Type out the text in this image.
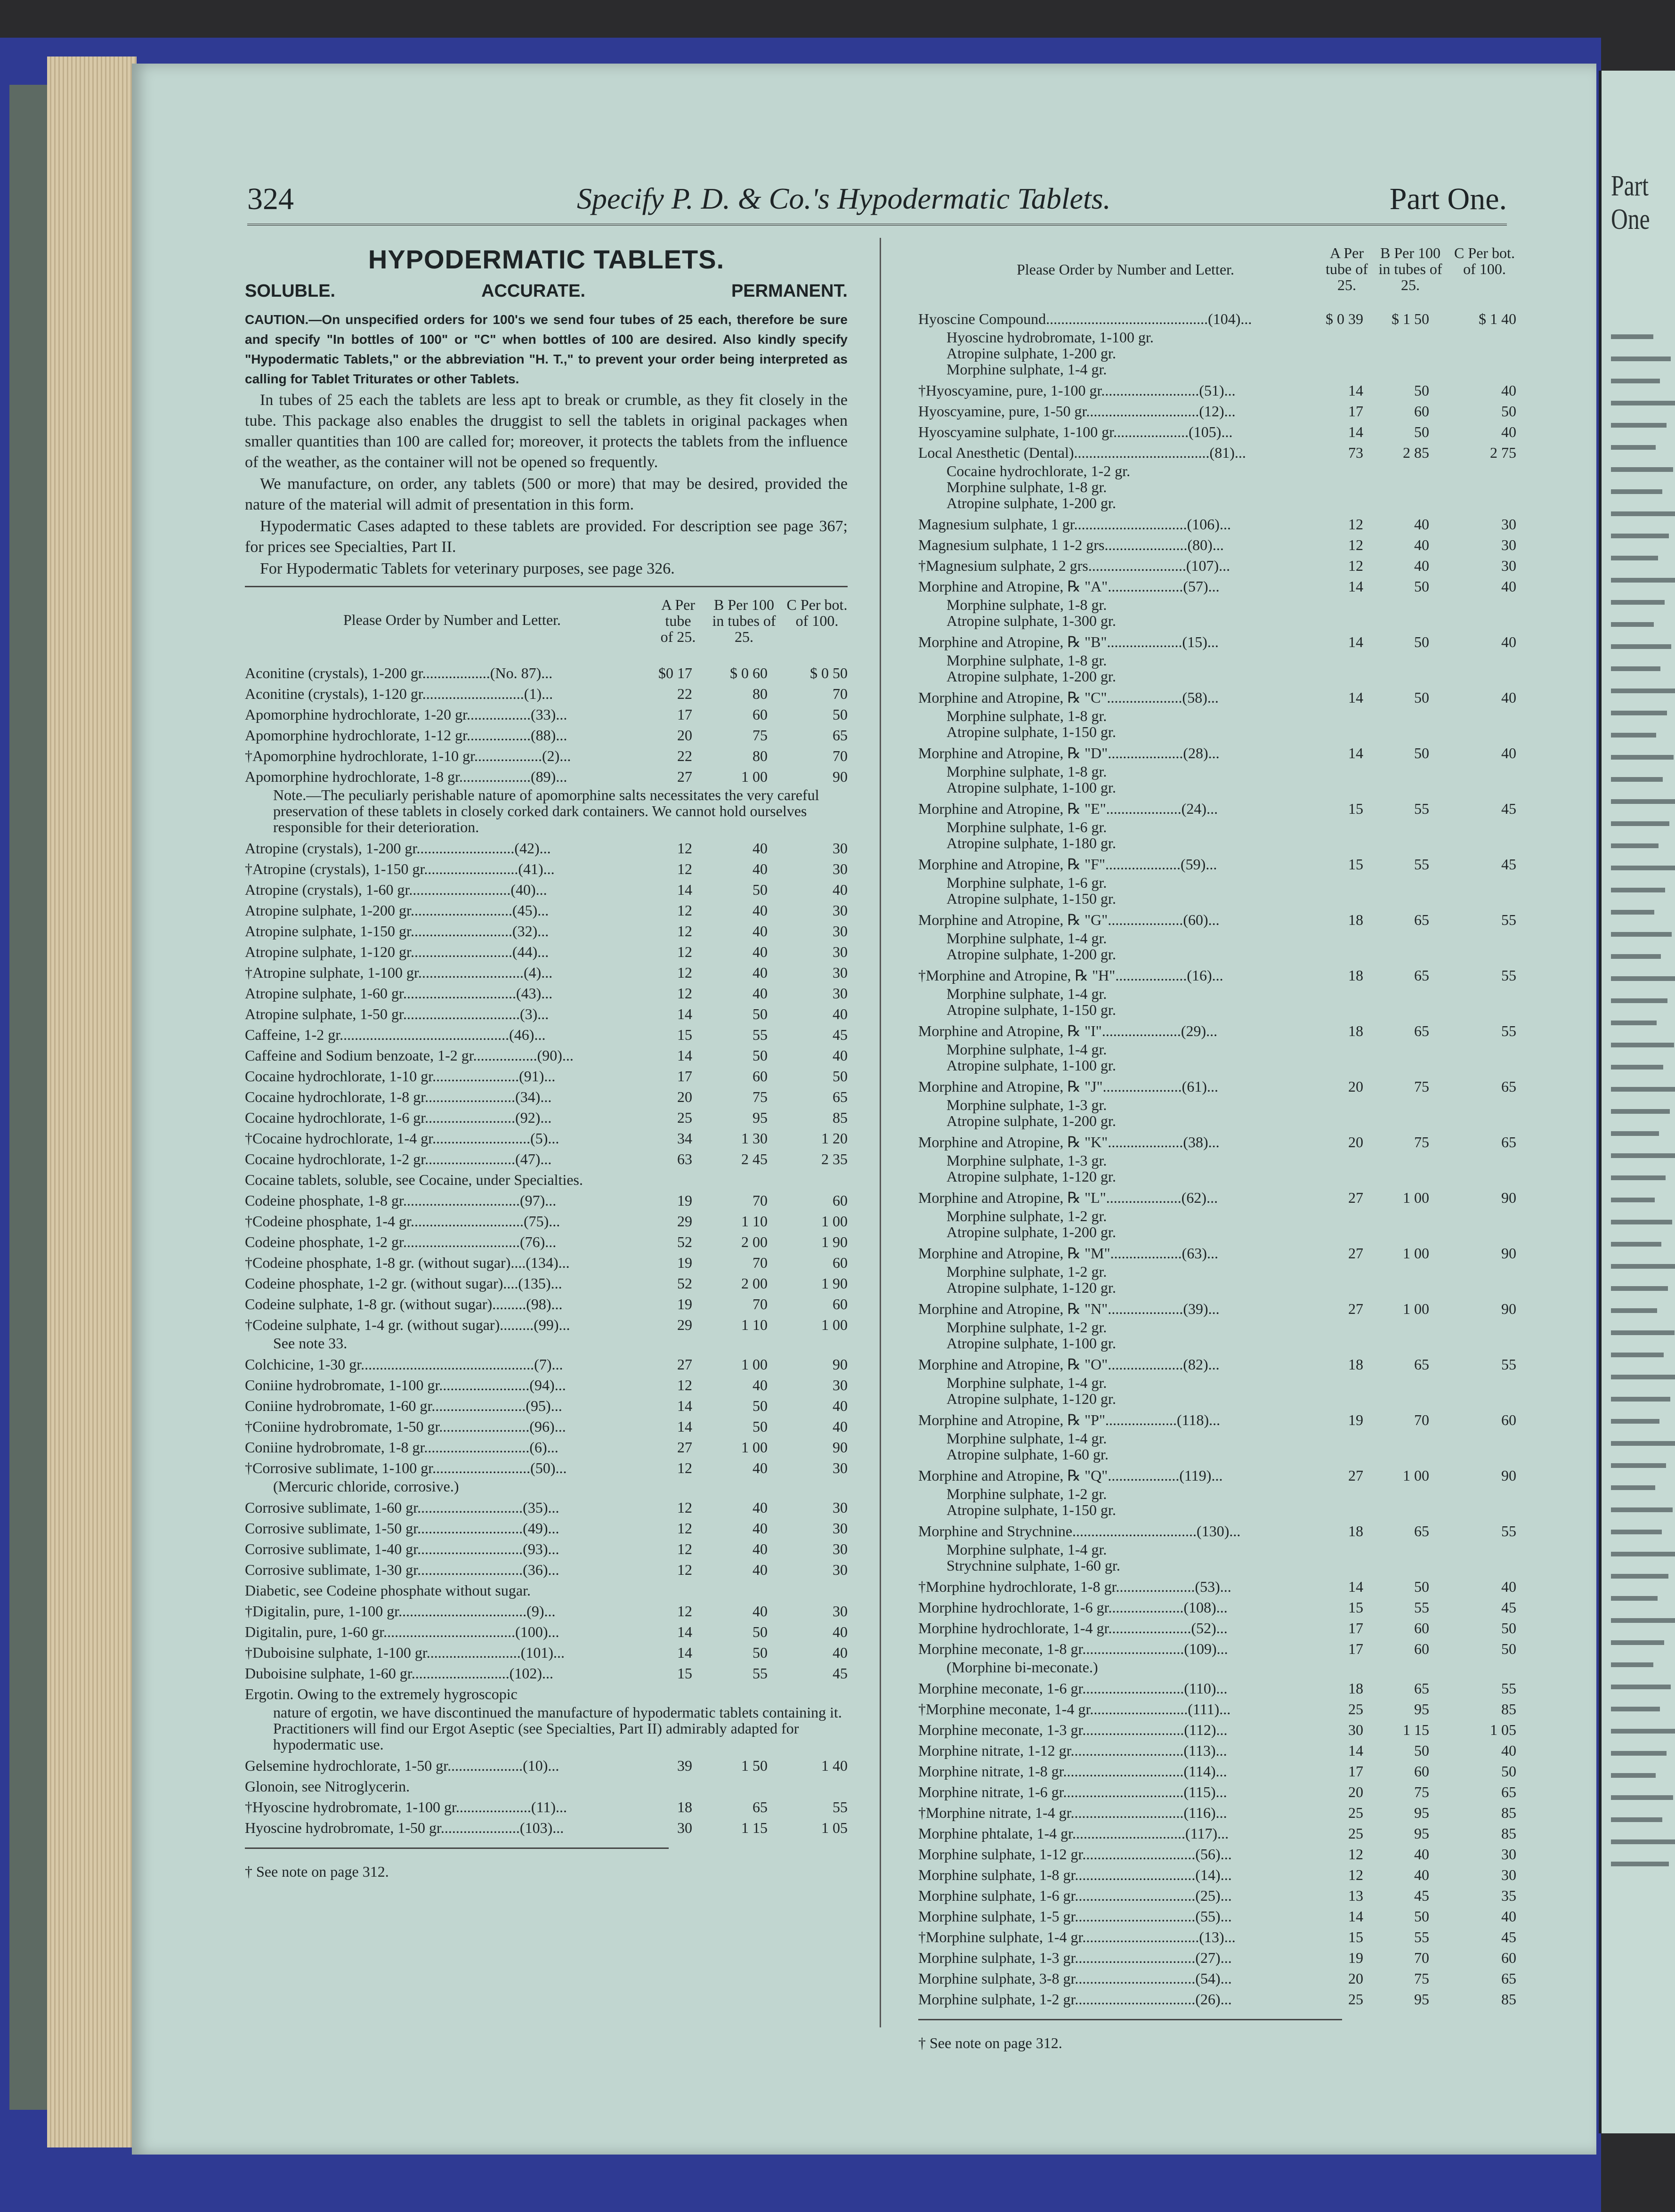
Part One
324	Specify P. D. & Co.'s Hypodermatic Tablets.	Part One.
HYPODERMATIC TABLETS.
SOLUBLE.	ACCURATE.	PERMANENT.
CAUTION.—On unspecified orders for 100's we send four tubes of 25 each, therefore be sure and specify "In bottles of 100" or "C" when bottles of 100 are desired. Also kindly specify "Hypodermatic Tablets," or the abbreviation "H. T.," to prevent your order being interpreted as calling for Tablet Triturates or other Tablets.
In tubes of 25 each the tablets are less apt to break or crumble, as they fit closely in the tube. This package also enables the druggist to sell the tablets in original packages when smaller quantities than 100 are called for; moreover, it protects the tablets from the influence of the weather, as the container will not be opened so frequently.
We manufacture, on order, any tablets (500 or more) that may be desired, provided the nature of the material will admit of presentation in this form.
Hypodermatic Cases adapted to these tablets are provided. For description see page 367; for prices see Specialties, Part II.
For Hypodermatic Tablets for veterinary purposes, see page 326.
Please Order by Number and Letter.
A Per tube of 25.
B Per 100 in tubes of 25.
C Per bot. of 100.
Aconitine (crystals), 1-200 gr..................(No. 87)...	$0 17	$ 0 60	$ 0 50
Aconitine (crystals), 1-120 gr...........................(1)...	22	80	70
Apomorphine hydrochlorate, 1-20 gr.................(33)...	17	60	50
Apomorphine hydrochlorate, 1-12 gr.................(88)...	20	75	65
†Apomorphine hydrochlorate, 1-10 gr..................(2)...	22	80	70
Apomorphine hydrochlorate, 1-8 gr...................(89)...	27	1 00	90
Note.—The peculiarly perishable nature of apomorphine salts necessitates the very careful preservation of these tablets in closely corked dark containers. We cannot hold ourselves responsible for their deterioration.
Atropine (crystals), 1-200 gr..........................(42)...	12	40	30
†Atropine (crystals), 1-150 gr.........................(41)...	12	40	30
Atropine (crystals), 1-60 gr...........................(40)...	14	50	40
Atropine sulphate, 1-200 gr...........................(45)...	12	40	30
Atropine sulphate, 1-150 gr...........................(32)...	12	40	30
Atropine sulphate, 1-120 gr...........................(44)...	12	40	30
†Atropine sulphate, 1-100 gr............................(4)...	12	40	30
Atropine sulphate, 1-60 gr..............................(43)...	12	40	30
Atropine sulphate, 1-50 gr...............................(3)...	14	50	40
Caffeine, 1-2 gr.............................................(46)...	15	55	45
Caffeine and Sodium benzoate, 1-2 gr.................(90)...	14	50	40
Cocaine hydrochlorate, 1-10 gr.......................(91)...	17	60	50
Cocaine hydrochlorate, 1-8 gr........................(34)...	20	75	65
Cocaine hydrochlorate, 1-6 gr........................(92)...	25	95	85
†Cocaine hydrochlorate, 1-4 gr..........................(5)...	34	1 30	1 20
Cocaine hydrochlorate, 1-2 gr........................(47)...	63	2 45	2 35
Cocaine tablets, soluble, see Cocaine, under Specialties.
Codeine phosphate, 1-8 gr...............................(97)...	19	70	60
†Codeine phosphate, 1-4 gr..............................(75)...	29	1 10	1 00
Codeine phosphate, 1-2 gr...............................(76)...	52	2 00	1 90
†Codeine phosphate, 1-8 gr. (without sugar)....(134)...	19	70	60
Codeine phosphate, 1-2 gr. (without sugar)....(135)...	52	2 00	1 90
Codeine sulphate, 1-8 gr. (without sugar).........(98)...	19	70	60
†Codeine sulphate, 1-4 gr. (without sugar).........(99)...	29	1 10	1 00
See note 33.
Colchicine, 1-30 gr..............................................(7)...	27	1 00	90
Coniine hydrobromate, 1-100 gr........................(94)...	12	40	30
Coniine hydrobromate, 1-60 gr.........................(95)...	14	50	40
†Coniine hydrobromate, 1-50 gr........................(96)...	14	50	40
Coniine hydrobromate, 1-8 gr............................(6)...	27	1 00	90
†Corrosive sublimate, 1-100 gr..........................(50)...	12	40	30
(Mercuric chloride, corrosive.)
Corrosive sublimate, 1-60 gr............................(35)...	12	40	30
Corrosive sublimate, 1-50 gr............................(49)...	12	40	30
Corrosive sublimate, 1-40 gr............................(93)...	12	40	30
Corrosive sublimate, 1-30 gr............................(36)...	12	40	30
Diabetic, see Codeine phosphate without sugar.
†Digitalin, pure, 1-100 gr..................................(9)...	12	40	30
Digitalin, pure, 1-60 gr...................................(100)...	14	50	40
†Duboisine sulphate, 1-100 gr.........................(101)...	14	50	40
Duboisine sulphate, 1-60 gr..........................(102)...	15	55	45
Ergotin. Owing to the extremely hygroscopic
nature of ergotin, we have discontinued the manufacture of hypodermatic tablets containing it. Practitioners will find our Ergot Aseptic (see Specialties, Part II) admirably adapted for hypodermatic use.
Gelsemine hydrochlorate, 1-50 gr....................(10)...	39	1 50	1 40
Glonoin, see Nitroglycerin.
†Hyoscine hydrobromate, 1-100 gr....................(11)...	18	65	55
Hyoscine hydrobromate, 1-50 gr.....................(103)...	30	1 15	1 05
† See note on page 312.
Please Order by Number and Letter.
A Per tube of 25.
B Per 100 in tubes of 25.
C Per bot. of 100.
Hyoscine Compound...........................................(104)...	$ 0 39	$ 1 50	$ 1 40
Hyoscine hydrobromate, 1-100 gr.
Atropine sulphate, 1-200 gr.
Morphine sulphate, 1-4 gr.
†Hyoscyamine, pure, 1-100 gr..........................(51)...	14	50	40
Hyoscyamine, pure, 1-50 gr..............................(12)...	17	60	50
Hyoscyamine sulphate, 1-100 gr....................(105)...	14	50	40
Local Anesthetic (Dental)....................................(81)...	73	2 85	2 75
Cocaine hydrochlorate, 1-2 gr.
Morphine sulphate, 1-8 gr.
Atropine sulphate, 1-200 gr.
Magnesium sulphate, 1 gr..............................(106)...	12	40	30
Magnesium sulphate, 1 1-2 grs......................(80)...	12	40	30
†Magnesium sulphate, 2 grs..........................(107)...	12	40	30
Morphine and Atropine, ℞ "A"....................(57)...	14	50	40
Morphine sulphate, 1-8 gr.
Atropine sulphate, 1-300 gr.
Morphine and Atropine, ℞ "B"....................(15)...	14	50	40
Morphine sulphate, 1-8 gr.
Atropine sulphate, 1-200 gr.
Morphine and Atropine, ℞ "C"....................(58)...	14	50	40
Morphine sulphate, 1-8 gr.
Atropine sulphate, 1-150 gr.
Morphine and Atropine, ℞ "D"....................(28)...	14	50	40
Morphine sulphate, 1-8 gr.
Atropine sulphate, 1-100 gr.
Morphine and Atropine, ℞ "E"....................(24)...	15	55	45
Morphine sulphate, 1-6 gr.
Atropine sulphate, 1-180 gr.
Morphine and Atropine, ℞ "F"....................(59)...	15	55	45
Morphine sulphate, 1-6 gr.
Atropine sulphate, 1-150 gr.
Morphine and Atropine, ℞ "G"....................(60)...	18	65	55
Morphine sulphate, 1-4 gr.
Atropine sulphate, 1-200 gr.
†Morphine and Atropine, ℞ "H"...................(16)...	18	65	55
Morphine sulphate, 1-4 gr.
Atropine sulphate, 1-150 gr.
Morphine and Atropine, ℞ "I".....................(29)...	18	65	55
Morphine sulphate, 1-4 gr.
Atropine sulphate, 1-100 gr.
Morphine and Atropine, ℞ "J".....................(61)...	20	75	65
Morphine sulphate, 1-3 gr.
Atropine sulphate, 1-200 gr.
Morphine and Atropine, ℞ "K"....................(38)...	20	75	65
Morphine sulphate, 1-3 gr.
Atropine sulphate, 1-120 gr.
Morphine and Atropine, ℞ "L"....................(62)...	27	1 00	90
Morphine sulphate, 1-2 gr.
Atropine sulphate, 1-200 gr.
Morphine and Atropine, ℞ "M"...................(63)...	27	1 00	90
Morphine sulphate, 1-2 gr.
Atropine sulphate, 1-120 gr.
Morphine and Atropine, ℞ "N"....................(39)...	27	1 00	90
Morphine sulphate, 1-2 gr.
Atropine sulphate, 1-100 gr.
Morphine and Atropine, ℞ "O"....................(82)...	18	65	55
Morphine sulphate, 1-4 gr.
Atropine sulphate, 1-120 gr.
Morphine and Atropine, ℞ "P"...................(118)...	19	70	60
Morphine sulphate, 1-4 gr.
Atropine sulphate, 1-60 gr.
Morphine and Atropine, ℞ "Q"...................(119)...	27	1 00	90
Morphine sulphate, 1-2 gr.
Atropine sulphate, 1-150 gr.
Morphine and Strychnine.................................(130)...	18	65	55
Morphine sulphate, 1-4 gr.
Strychnine sulphate, 1-60 gr.
†Morphine hydrochlorate, 1-8 gr.....................(53)...	14	50	40
Morphine hydrochlorate, 1-6 gr....................(108)...	15	55	45
Morphine hydrochlorate, 1-4 gr......................(52)...	17	60	50
Morphine meconate, 1-8 gr...........................(109)...	17	60	50
(Morphine bi-meconate.)
Morphine meconate, 1-6 gr...........................(110)...	18	65	55
†Morphine meconate, 1-4 gr..........................(111)...	25	95	85
Morphine meconate, 1-3 gr...........................(112)...	30	1 15	1 05
Morphine nitrate, 1-12 gr..............................(113)...	14	50	40
Morphine nitrate, 1-8 gr................................(114)...	17	60	50
Morphine nitrate, 1-6 gr................................(115)...	20	75	65
†Morphine nitrate, 1-4 gr..............................(116)...	25	95	85
Morphine phtalate, 1-4 gr..............................(117)...	25	95	85
Morphine sulphate, 1-12 gr..............................(56)...	12	40	30
Morphine sulphate, 1-8 gr................................(14)...	12	40	30
Morphine sulphate, 1-6 gr................................(25)...	13	45	35
Morphine sulphate, 1-5 gr................................(55)...	14	50	40
†Morphine sulphate, 1-4 gr...............................(13)...	15	55	45
Morphine sulphate, 1-3 gr................................(27)...	19	70	60
Morphine sulphate, 3-8 gr................................(54)...	20	75	65
Morphine sulphate, 1-2 gr................................(26)...	25	95	85
† See note on page 312.
